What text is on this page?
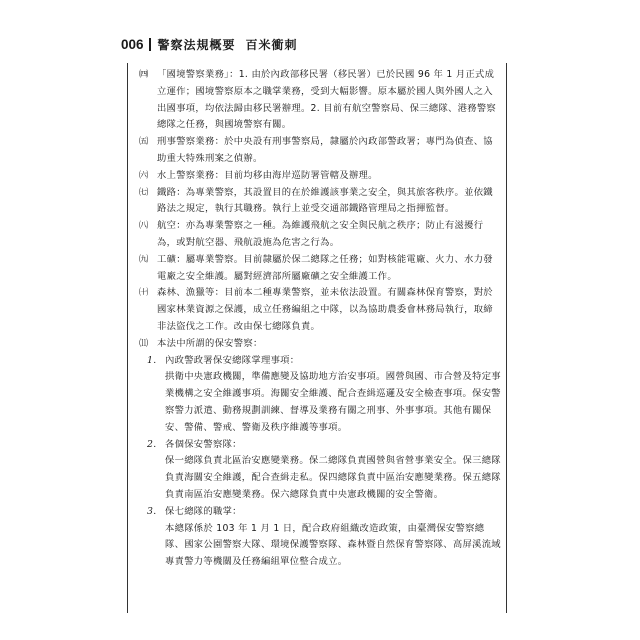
006 警察法規概要 百米衝刺
㈣ 「國境警察業務」：1. 由於內政部移民署（移民署）已於民國 96 年 1 月正式成立運作；國境警察原本之職掌業務，受到大幅影響。原本屬於國人與外國人之入出國事項，均依法歸由移民署辦理。2. 目前有航空警察局、保三總隊、港務警察總隊之任務，與國境警察有關。
㈤ 刑事警察業務：於中央設有刑事警察局，隸屬於內政部警政署；專門為偵查、協助重大特殊刑案之偵辦。
㈥ 水上警察業務：目前均移由海岸巡防署管轄及辦理。
㈦ 鐵路：為專業警察，其設置目的在於維護該事業之安全，與其旅客秩序。並依鐵路法之規定，執行其職務。執行上並受交通部鐵路管理局之指揮監督。
㈧ 航空：亦為專業警察之一種。為維護飛航之安全與民航之秩序；防止有滋擾行為，或對航空器、飛航設施為危害之行為。
㈨ 工礦：屬專業警察。目前隸屬於保二總隊之任務；如對核能電廠、火力、水力發電廠之安全維護。屬對經濟部所屬廠礦之安全維護工作。
㈩ 森林、漁獵等：目前本二種專業警察，並未依法設置。有關森林保育警察，對於國家林業資源之保護，成立任務編組之中隊，以為協助農委會林務局執行，取締非法盜伐之工作。改由保七總隊負責。
⑾ 本法中所謂的保安警察：
1. 內政警政署保安總隊掌理事項：
拱衛中央憲政機關，準備應變及協助地方治安事項。國營與國、市合營及特定事業機構之安全維護事項。海關安全維護、配合查緝巡邏及安全檢查事項。保安警察警力派遣、動務規劃訓練、督導及業務有關之刑事、外事事項。其他有關保安、警備、警戒、警衛及秩序維護等事項。
2. 各個保安警察隊：
保一總隊負責北區治安應變業務。保二總隊負責國營與省營事業安全。保三總隊負責海關安全維護，配合查緝走私。保四總隊負責中區治安應變業務。保五總隊負責南區治安應變業務。保六總隊負責中央憲政機關的安全警衛。
3. 保七總隊的職掌：
本總隊係於 103 年 1 月 1 日，配合政府組織改造政策，由臺灣保安警察總隊、國家公園警察大隊、環境保護警察隊、森林暨自然保育警察隊、高屏溪流域專責警力等機關及任務編組單位整合成立。
